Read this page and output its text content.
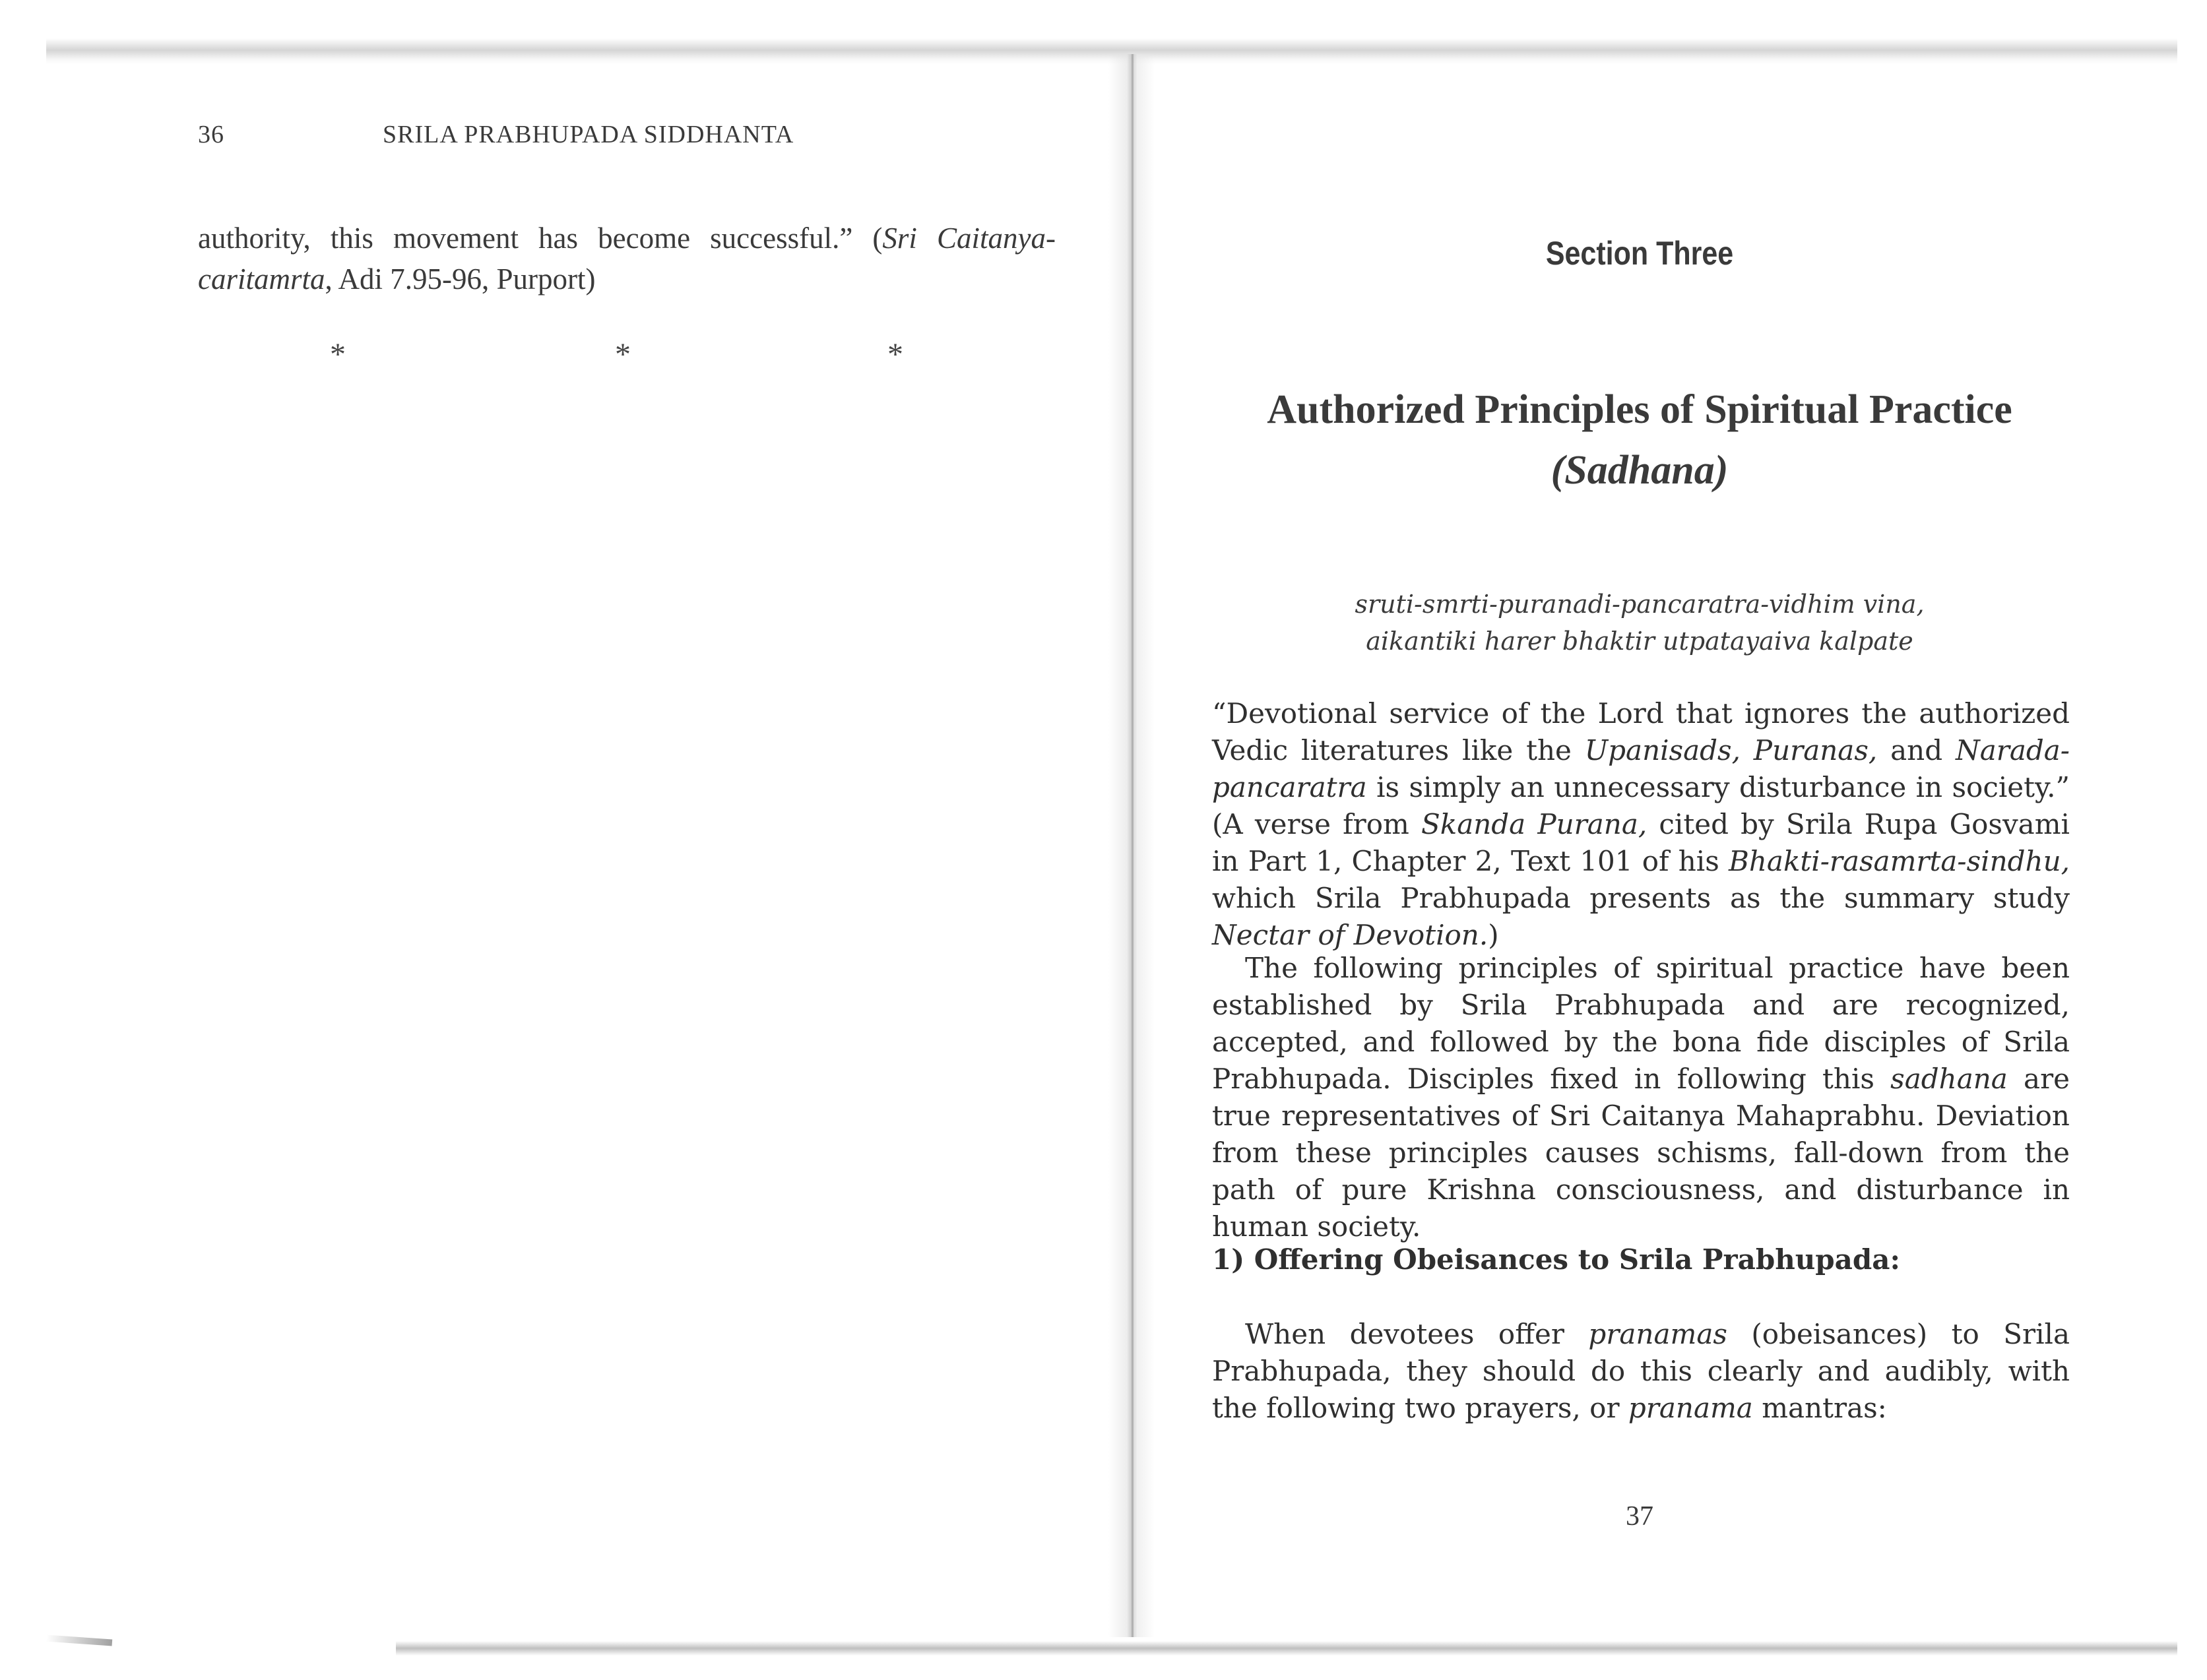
36	SRILA PRABHUPADA SIDDHANTA
authority, this movement has become successful.” (Sri Caitanya-caritamrta, Adi 7.95-96, Purport)
*	*	*
Section Three
Authorized Principles of Spiritual Practice
(Sadhana)
sruti-smrti-puranadi-pancaratra-vidhim vina,
aikantiki harer bhaktir utpatayaiva kalpate
“Devotional service of the Lord that ignores the authorized Vedic literatures like the Upanisads, Puranas, and Narada-pancaratra is simply an unnecessary disturbance in society.” (A verse from Skanda Purana, cited by Srila Rupa Gosvami in Part 1, Chapter 2, Text 101 of his Bhakti-rasamrta-sindhu, which Srila Prabhupada presents as the summary study Nectar of Devotion.)
The following principles of spiritual practice have been established by Srila Prabhupada and are recognized, accepted, and followed by the bona fide disciples of Srila Prabhupada. Disciples fixed in following this sadhana are true representatives of Sri Caitanya Mahaprabhu. Deviation from these principles causes schisms, fall-down from the path of pure Krishna consciousness, and disturbance in human society.
1) Offering Obeisances to Srila Prabhupada:
When devotees offer pranamas (obeisances) to Srila Prabhupada, they should do this clearly and audibly, with the following two prayers, or pranama mantras:
37
